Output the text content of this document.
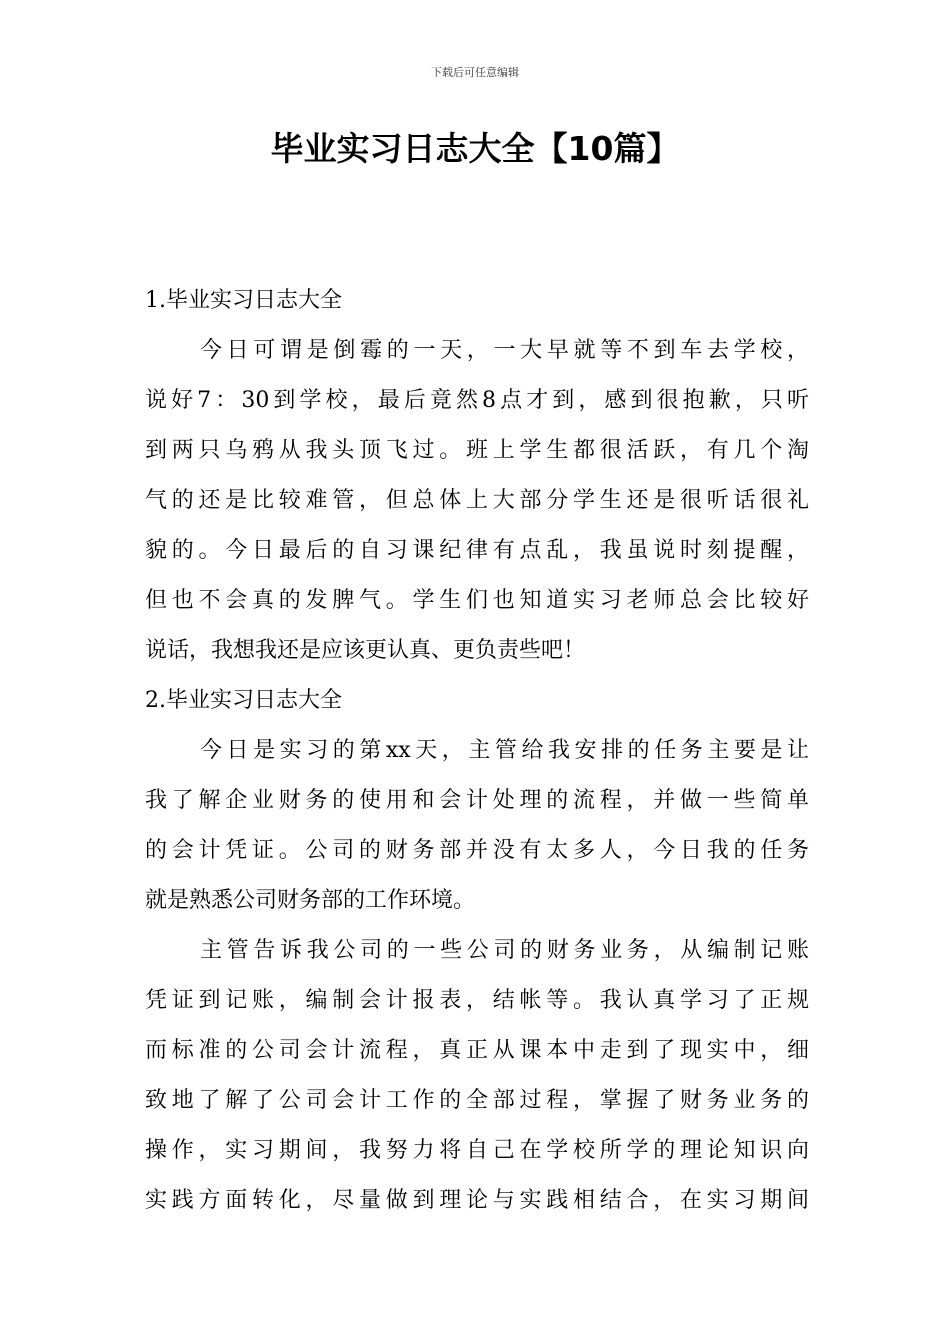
下载后可任意编辑
毕业实习日志大全【10篇】
1.毕业实习日志大全

今日可谓是倒霉的一天，一大早就等不到车去学校，
说好7：30到学校，最后竟然8点才到，感到很抱歉，只听
到两只乌鸦从我头顶飞过。班上学生都很活跃，有几个淘
气的还是比较难管，但总体上大部分学生还是很听话很礼
貌的。今日最后的自习课纪律有点乱，我虽说时刻提醒，
但也不会真的发脾气。学生们也知道实习老师总会比较好
说话，我想我还是应该更认真、更负责些吧！

2.毕业实习日志大全

今日是实习的第xx天，主管给我安排的任务主要是让
我了解企业财务的使用和会计处理的流程，并做一些简单
的会计凭证。公司的财务部并没有太多人，今日我的任务
就是熟悉公司财务部的工作环境。

主管告诉我公司的一些公司的财务业务，从编制记账
凭证到记账，编制会计报表，结帐等。我认真学习了正规
而标准的公司会计流程，真正从课本中走到了现实中，细
致地了解了公司会计工作的全部过程，掌握了财务业务的
操作，实习期间，我努力将自己在学校所学的理论知识向
实践方面转化，尽量做到理论与实践相结合，在实习期间
